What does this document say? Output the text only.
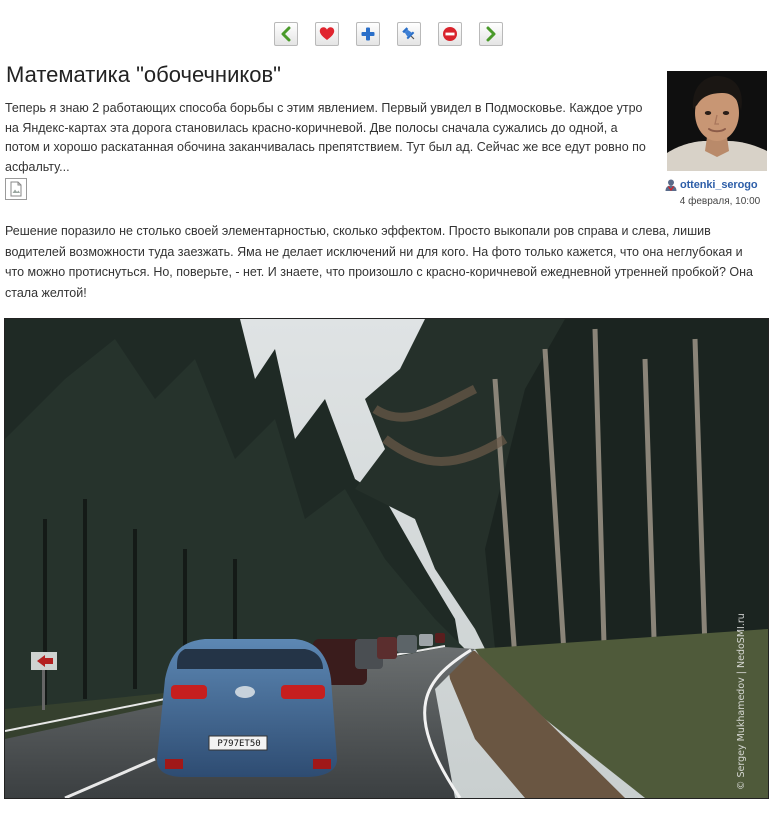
Математика "обочечников"

Теперь я знаю 2 работающих способа борьбы с этим явлением. Первый увидел в Подмосковье. Каждое утро на Яндекс-картах эта дорога становилась красно-коричневой. Две полосы сначала сужались до одной, а потом и хорошо раскатанная обочина заканчивалась препятствием. Тут был ад. Сейчас же все едут ровно по асфальту...

ottenki_serogo
4 февраля, 10:00

Решение поразило не столько своей элементарностью, сколько эффектом. Просто выкопали ров справа и слева, лишив водителей возможности туда заезжать. Яма не делает исключений ни для кого. На фото только кажется, что она неглубокая и что можно протиснуться. Но, поверьте, - нет. И знаете, что произошло с красно-коричневой ежедневной утренней пробкой? Она стала желтой!

Р797ЕТ50	© Sergey Mukhamedov | NedoSMI.ru
